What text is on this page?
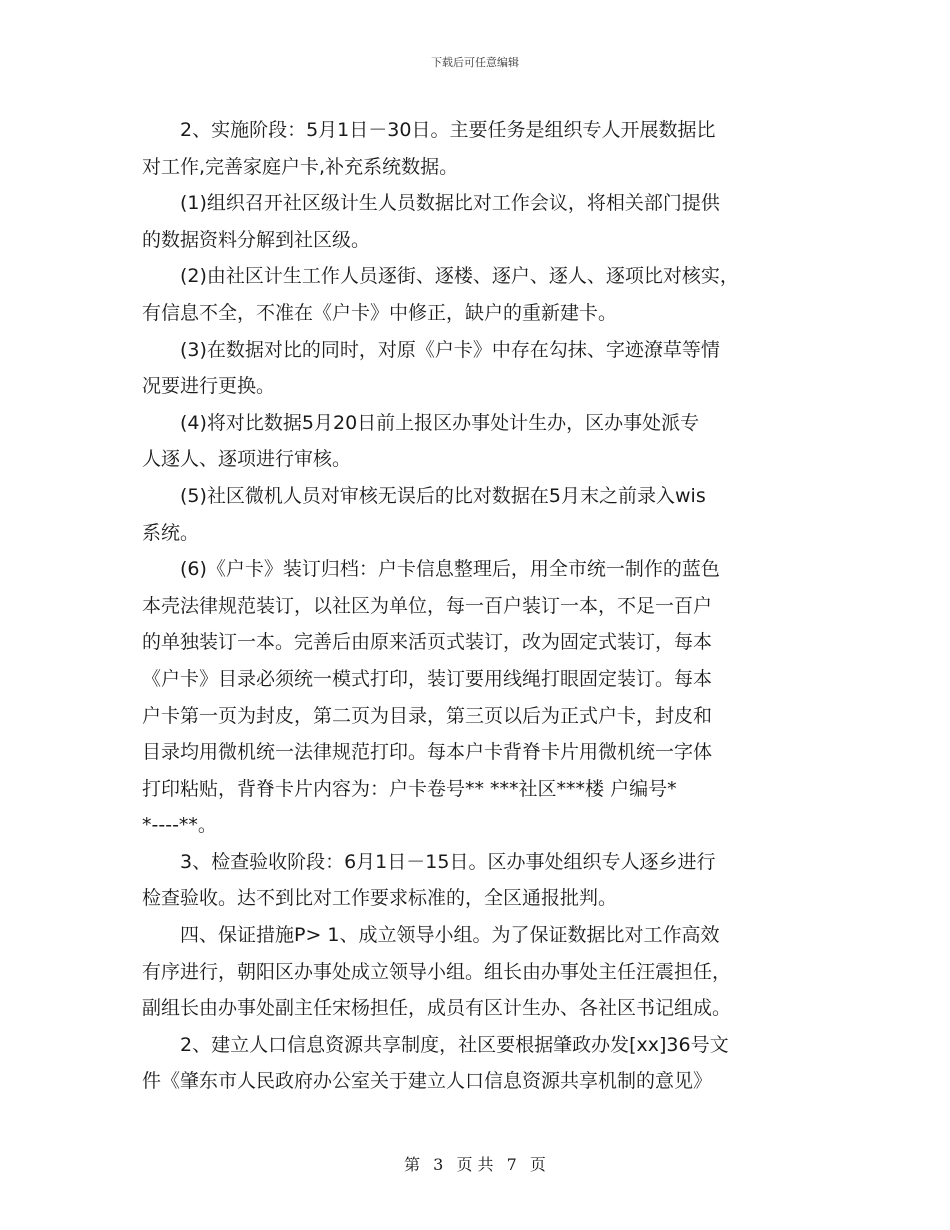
下载后可任意编辑

2、实施阶段：5月1日－30日。主要任务是组织专人开展数据比

对工作,完善家庭户卡,补充系统数据。

(1)组织召开社区级计生人员数据比对工作会议，将相关部门提供

的数据资料分解到社区级。

(2)由社区计生工作人员逐街、逐楼、逐户、逐人、逐项比对核实，

有信息不全，不准在《户卡》中修正，缺户的重新建卡。

(3)在数据对比的同时，对原《户卡》中存在勾抹、字迹潦草等情

况要进行更换。

(4)将对比数据5月20日前上报区办事处计生办，区办事处派专

人逐人、逐项进行审核。

(5)社区微机人员对审核无误后的比对数据在5月末之前录入wis

系统。

(6)《户卡》装订归档：户卡信息整理后，用全市统一制作的蓝色

本壳法律规范装订，以社区为单位，每一百户装订一本，不足一百户

的单独装订一本。完善后由原来活页式装订，改为固定式装订，每本

《户卡》目录必须统一模式打印，装订要用线绳打眼固定装订。每本

户卡第一页为封皮，第二页为目录，第三页以后为正式户卡，封皮和

目录均用微机统一法律规范打印。每本户卡背脊卡片用微机统一字体

打印粘贴，背脊卡片内容为：户卡卷号** ***社区***楼 户编号*

*----**。

3、检查验收阶段：6月1日－15日。区办事处组织专人逐乡进行

检查验收。达不到比对工作要求标准的，全区通报批判。

四、保证措施P> 1、成立领导小组。为了保证数据比对工作高效

有序进行，朝阳区办事处成立领导小组。组长由办事处主任汪震担任，

副组长由办事处副主任宋杨担任，成员有区计生办、各社区书记组成。

2、建立人口信息资源共享制度，社区要根据肇政办发[xx]36号文

件《肇东市人民政府办公室关于建立人口信息资源共享机制的意见》

第 3 页 共 7 页
